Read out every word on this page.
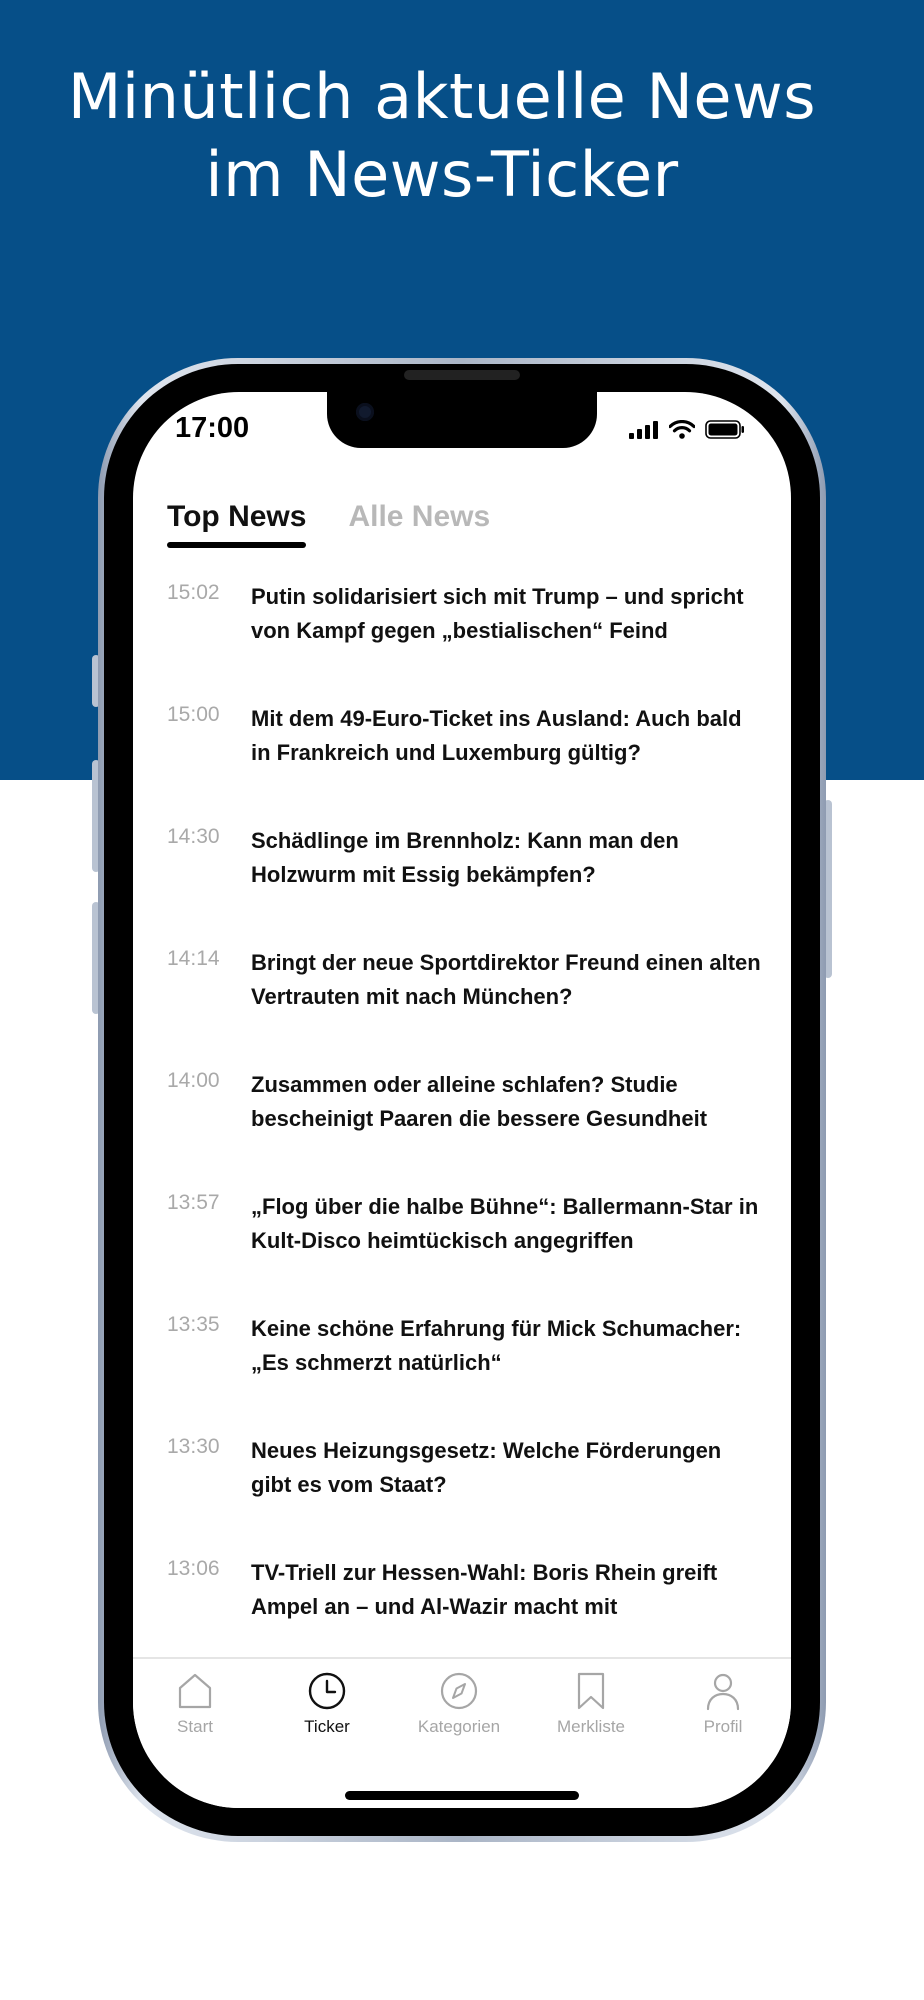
Minütlich aktuelle News
im News-Ticker
17:00
Top News Alle News
15:02	Putin solidarisiert sich mit Trump – und spricht von Kampf gegen „bestialischen“ Feind
15:00	Mit dem 49-Euro-Ticket ins Ausland: Auch bald in Frankreich und Luxemburg gültig?
14:30	Schädlinge im Brennholz: Kann man den Holzwurm mit Essig bekämpfen?
14:14	Bringt der neue Sportdirektor Freund einen alten Vertrauten mit nach München?
14:00	Zusammen oder alleine schlafen? Studie bescheinigt Paaren die bessere Gesundheit
13:57	„Flog über die halbe Bühne“: Ballermann-Star in Kult-Disco heimtückisch angegriffen
13:35	Keine schöne Erfahrung für Mick Schumacher: „Es schmerzt natürlich“
13:30	Neues Heizungsgesetz: Welche Förderungen gibt es vom Staat?
13:06	TV-Triell zur Hessen-Wahl: Boris Rhein greift Ampel an – und Al-Wazir macht mit
Start	Ticker	Kategorien	Merkliste	Profil
